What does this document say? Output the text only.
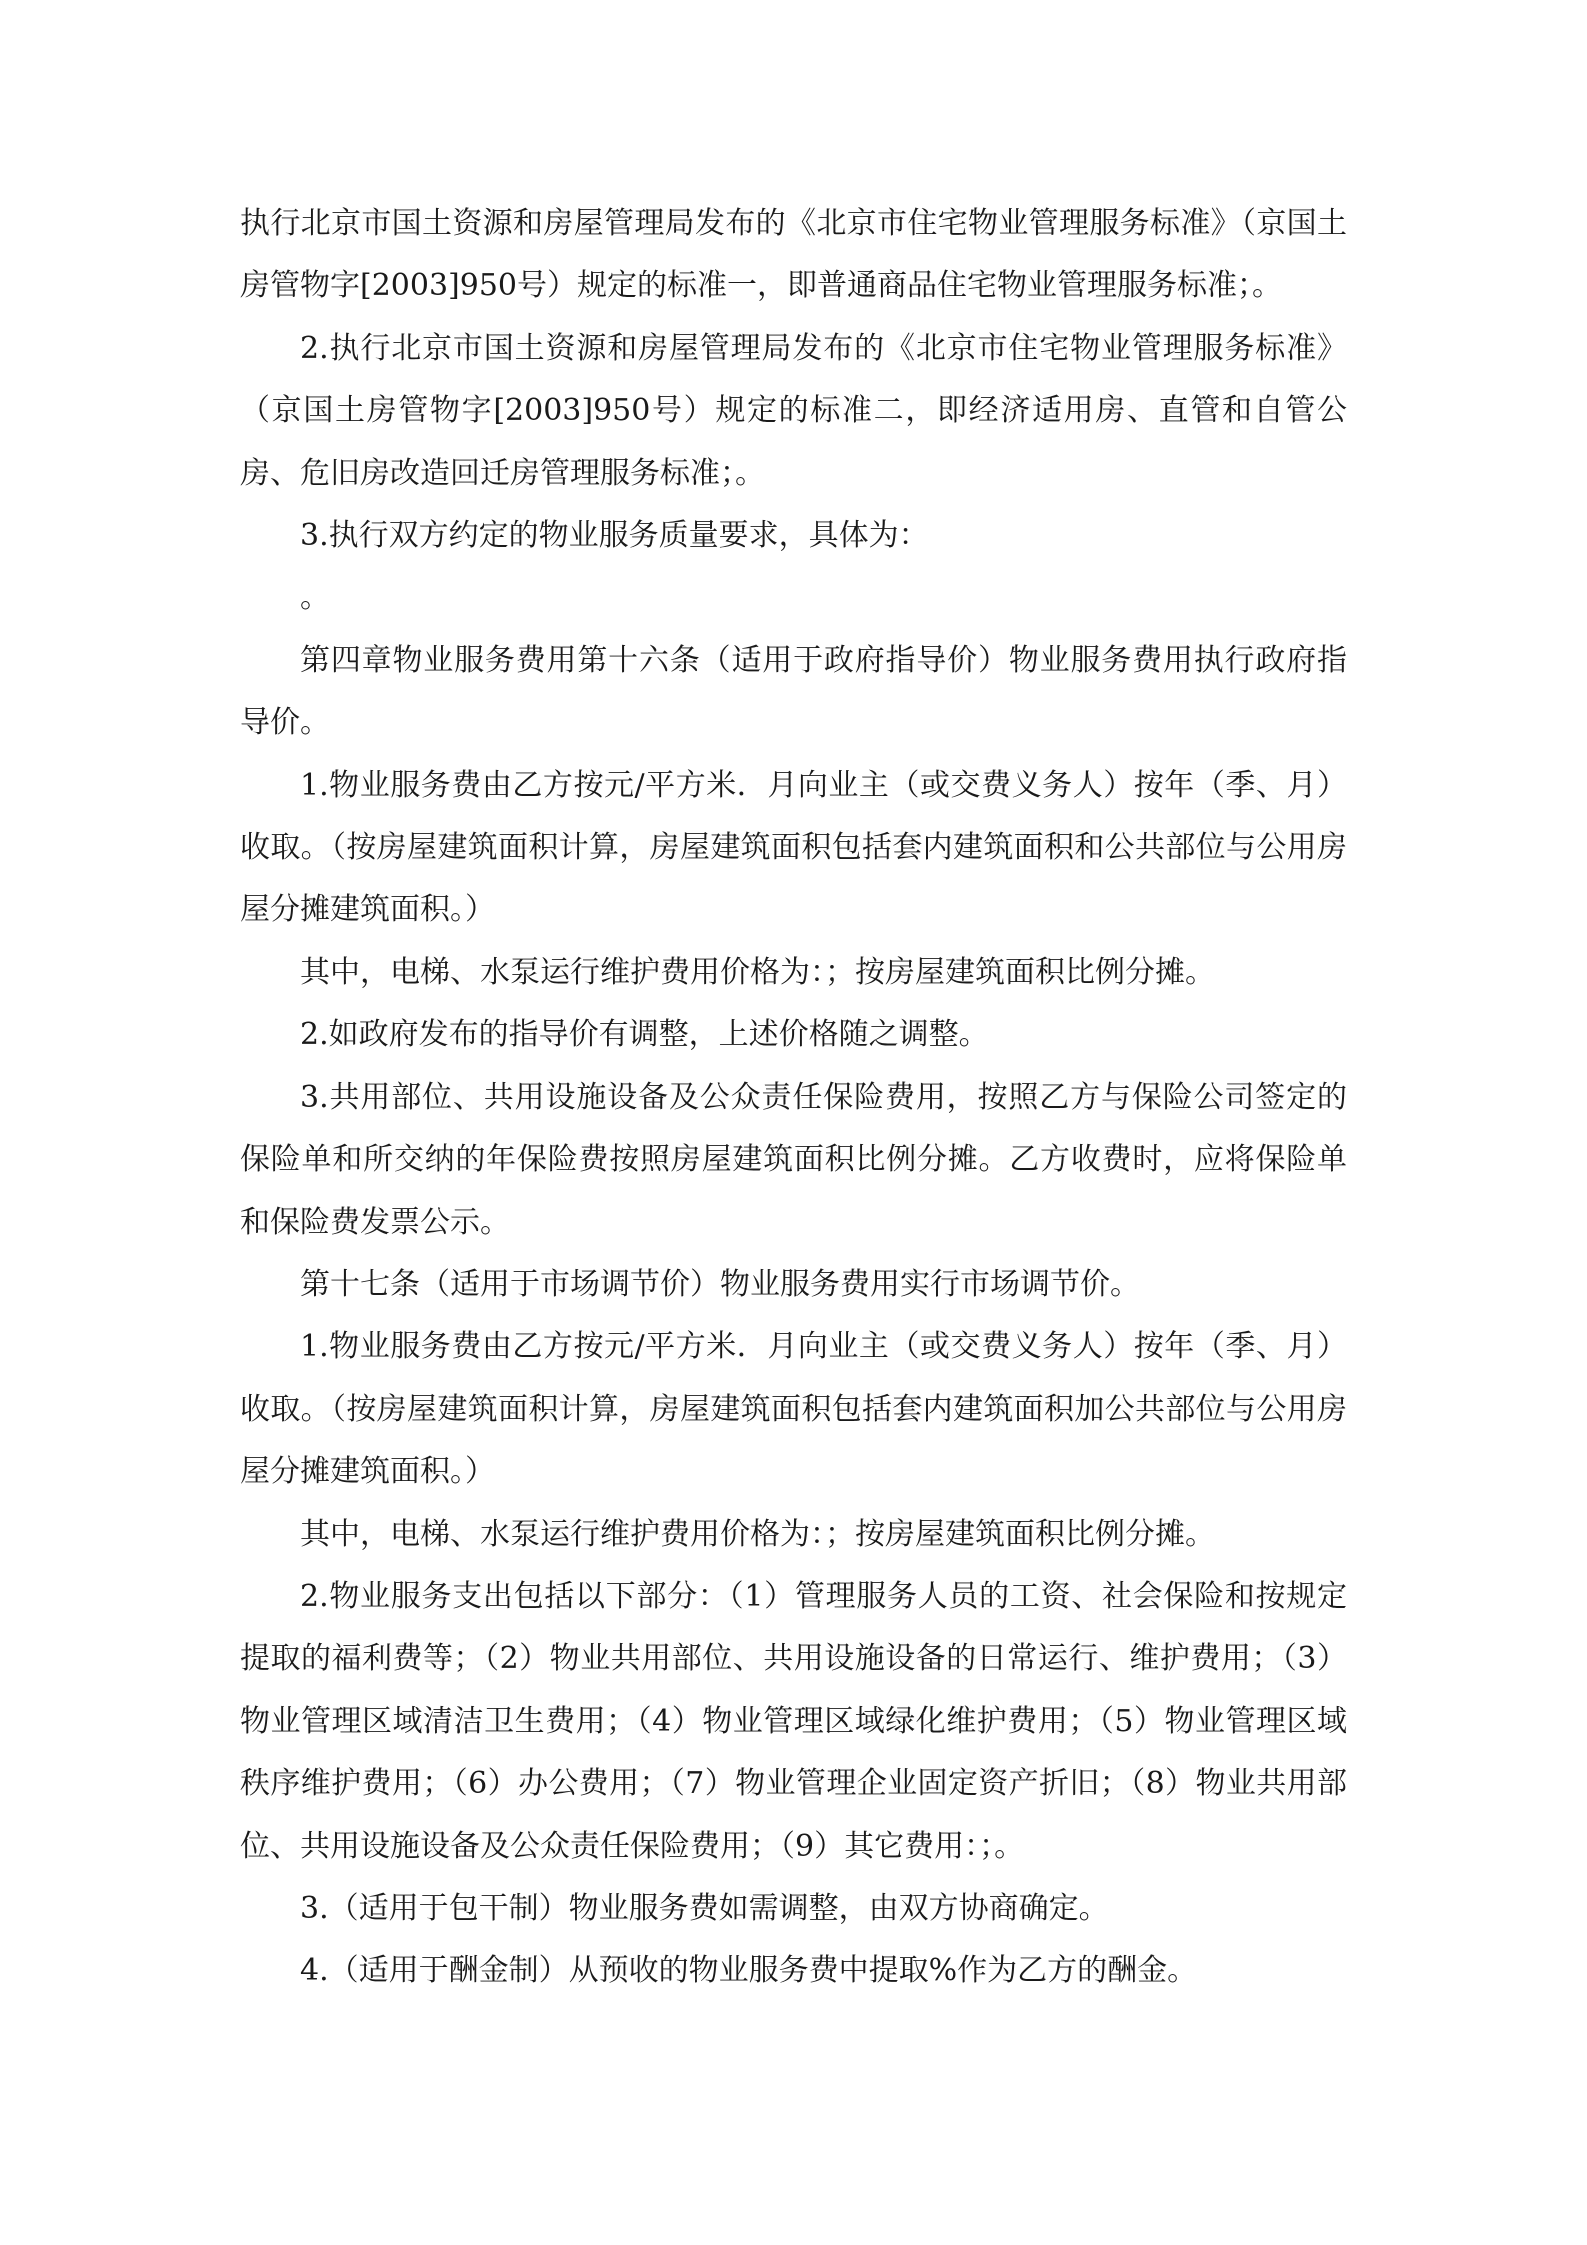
执行北京市国土资源和房屋管理局发布的《北京市住宅物业管理服务标准》（京国土房管物字[2003]950号）规定的标准一，即普通商品住宅物业管理服务标准；。

2.执行北京市国土资源和房屋管理局发布的《北京市住宅物业管理服务标准》（京国土房管物字[2003]950号）规定的标准二，即经济适用房、直管和自管公房、危旧房改造回迁房管理服务标准；。

3.执行双方约定的物业服务质量要求，具体为：

。

第四章物业服务费用第十六条（适用于政府指导价）物业服务费用执行政府指导价。

1.物业服务费由乙方按元/平方米．月向业主（或交费义务人）按年（季、月）收取。（按房屋建筑面积计算，房屋建筑面积包括套内建筑面积和公共部位与公用房屋分摊建筑面积。）

其中，电梯、水泵运行维护费用价格为：；按房屋建筑面积比例分摊。

2.如政府发布的指导价有调整，上述价格随之调整。

3.共用部位、共用设施设备及公众责任保险费用，按照乙方与保险公司签定的保险单和所交纳的年保险费按照房屋建筑面积比例分摊。乙方收费时，应将保险单和保险费发票公示。

第十七条（适用于市场调节价）物业服务费用实行市场调节价。

1.物业服务费由乙方按元/平方米．月向业主（或交费义务人）按年（季、月）收取。（按房屋建筑面积计算，房屋建筑面积包括套内建筑面积加公共部位与公用房屋分摊建筑面积。）

其中，电梯、水泵运行维护费用价格为：；按房屋建筑面积比例分摊。

2.物业服务支出包括以下部分：（1）管理服务人员的工资、社会保险和按规定提取的福利费等；（2）物业共用部位、共用设施设备的日常运行、维护费用；（3）物业管理区域清洁卫生费用；（4）物业管理区域绿化维护费用；（5）物业管理区域秩序维护费用；（6）办公费用；（7）物业管理企业固定资产折旧；（8）物业共用部位、共用设施设备及公众责任保险费用；（9）其它费用：；。

3.（适用于包干制）物业服务费如需调整，由双方协商确定。

4.（适用于酬金制）从预收的物业服务费中提取%作为乙方的酬金。
